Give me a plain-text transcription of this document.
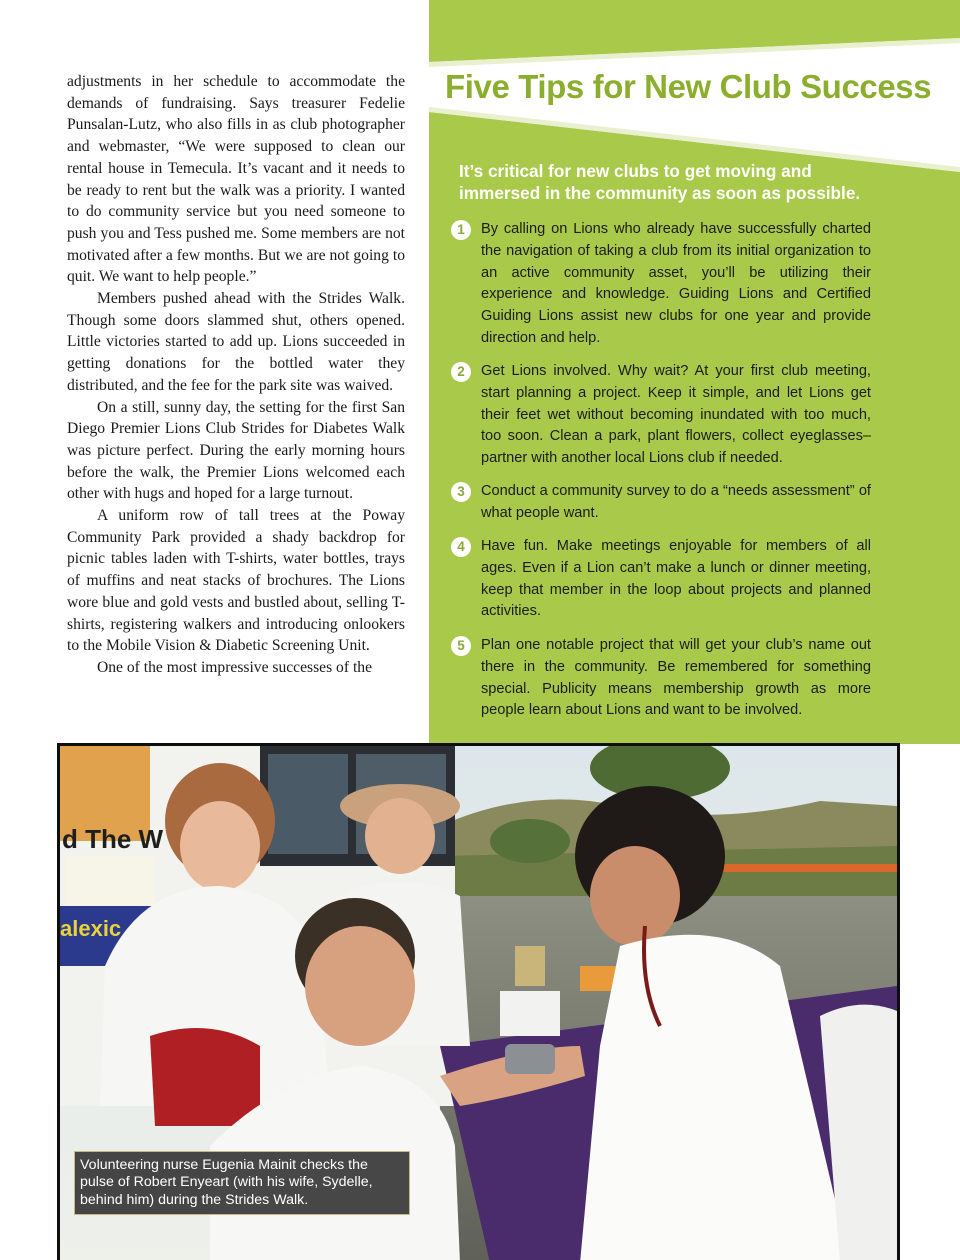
adjustments in her schedule to accommodate the demands of fundraising. Says treasurer Fedelie Punsalan-Lutz, who also fills in as club photographer and webmaster, “We were supposed to clean our rental house in Temecula. It’s vacant and it needs to be ready to rent but the walk was a priority. I wanted to do community service but you need someone to push you and Tess pushed me. Some members are not motivated after a few months. But we are not going to quit. We want to help people.”

Members pushed ahead with the Strides Walk. Though some doors slammed shut, others opened. Little victories started to add up. Lions succeeded in getting donations for the bottled water they distributed, and the fee for the park site was waived.

On a still, sunny day, the setting for the first San Diego Premier Lions Club Strides for Diabetes Walk was picture perfect. During the early morning hours before the walk, the Premier Lions welcomed each other with hugs and hoped for a large turnout.

A uniform row of tall trees at the Poway Community Park provided a shady backdrop for picnic tables laden with T-shirts, water bottles, trays of muffins and neat stacks of brochures. The Lions wore blue and gold vests and bustled about, selling T-shirts, registering walkers and introducing onlookers to the Mobile Vision & Diabetic Screening Unit.

One of the most impressive successes of the

Five Tips for New Club Success

It’s critical for new clubs to get moving and immersed in the community as soon as possible.

1	By calling on Lions who already have successfully charted the navigation of taking a club from its initial organization to an active community asset, you’ll be utilizing their experience and knowledge. Guiding Lions and Certified Guiding Lions assist new clubs for one year and provide direction and help.
2	Get Lions involved. Why wait? At your first club meeting, start planning a project. Keep it simple, and let Lions get their feet wet without becoming inundated with too much, too soon. Clean a park, plant flowers, collect eyeglasses–partner with another local Lions club if needed.
3	Conduct a community survey to do a “needs assessment” of what people want.
4	Have fun. Make meetings enjoyable for members of all ages. Even if a Lion can’t make a lunch or dinner meeting, keep that member in the loop about projects and planned activities.
5	Plan one notable project that will get your club’s name out there in the community. Be remembered for something special. Publicity means membership growth as more people learn about Lions and want to be involved.
d The W
alexic
Volunteering nurse Eugenia Mainit checks the pulse of Robert Enyeart (with his wife, Sydelle, behind him) during the Strides Walk.
